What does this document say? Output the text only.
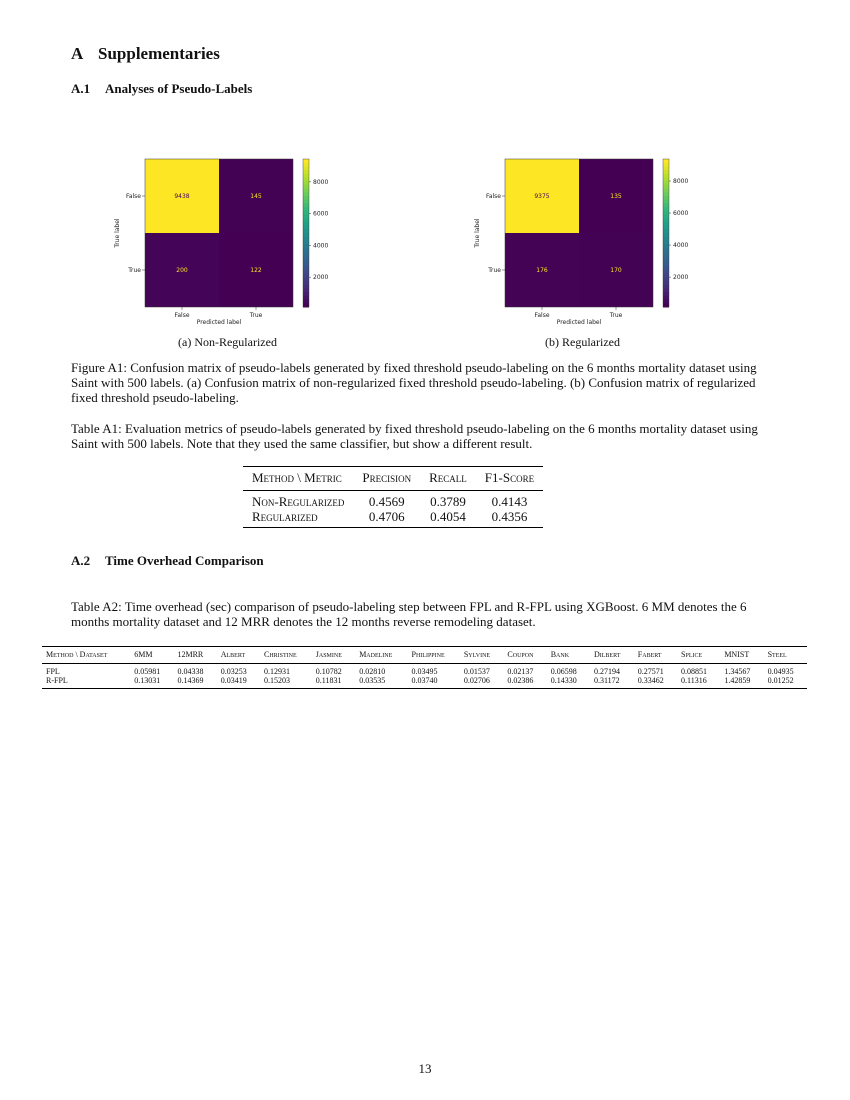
A Supplementaries
A.1 Analyses of Pseudo-Labels
9438	145
200	122
False
True
False	True
Predicted label
True label
8000
6000
4000
2000
(a) Non-Regularized
9375	135
176	170
False
True
False	True
Predicted label
True label
8000
6000
4000
2000
(b) Regularized

Figure A1: Confusion matrix of pseudo-labels generated by fixed threshold pseudo-labeling on the 6 months mortality dataset using Saint with 500 labels. (a) Confusion matrix of non-regularized fixed threshold pseudo-labeling. (b) Confusion matrix of regularized fixed threshold pseudo-labeling.

Table A1: Evaluation metrics of pseudo-labels generated by fixed threshold pseudo-labeling on the 6 months mortality dataset using Saint with 500 labels. Note that they used the same classifier, but show a different result.

Method \ Metric	Precision	Recall	F1-Score
Non-Regularized	0.4569	0.3789	0.4143
Regularized	0.4706	0.4054	0.4356
A.2 Time Overhead Comparison

Table A2: Time overhead (sec) comparison of pseudo-labeling step between FPL and R-FPL using XGBoost. 6 MM denotes the 6 months mortality dataset and 12 MRR denotes the 12 months reverse remodeling dataset.

Method \ Dataset	6MM	12MRR	Albert	Christine	Jasmine	Madeline	Philippine	Sylvine	Coupon	Bank	Dilbert	Fabert	Splice	MNIST	Steel
FPL	0.05981	0.04338	0.03253	0.12931	0.10782	0.02810	0.03495	0.01537	0.02137	0.06598	0.27194	0.27571	0.08851	1.34567	0.04935
R-FPL	0.13031	0.14369	0.03419	0.15203	0.11831	0.03535	0.03740	0.02706	0.02386	0.14330	0.31172	0.33462	0.11316	1.42859	0.01252
13
